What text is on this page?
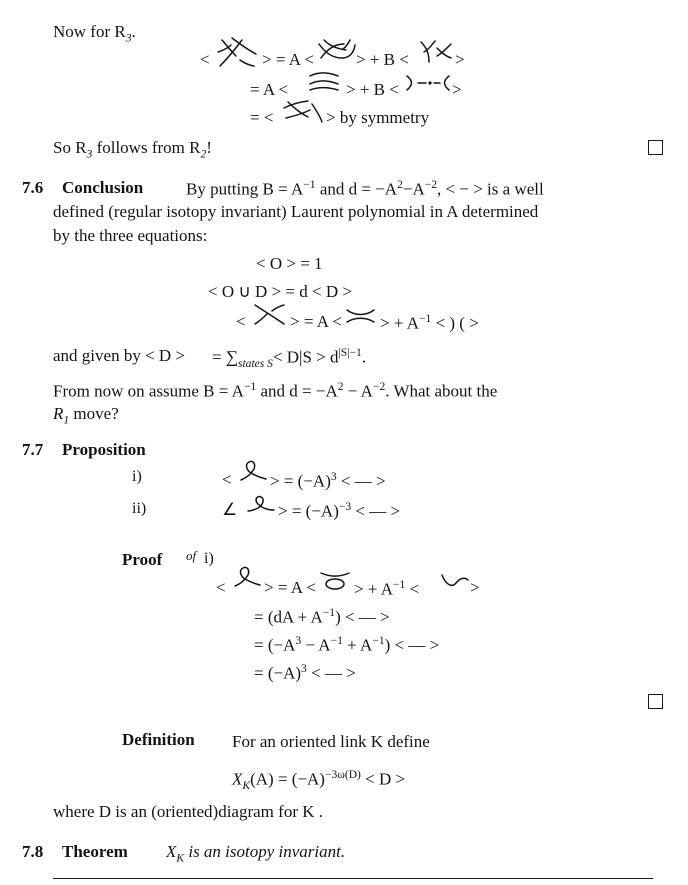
Now for $R_3$.
<	> = A < > + B <	>
= A <	> + B <	>
= <	> by symmetry
So $R_3$ follows from $R_2$!
7.6 Conclusion	By putting $B = A^{-1}$ and $d = -A^2-A^{-2}$, < − > is a well
defined (regular isotopy invariant) Laurent polynomial in A determined
by the three equations:
< O > = 1
< O ∪ D > = d < D >
<	> = A < > + $A^{-1}$ < ) ( >
and given by < D > = $\sum_{states S}< D|S > d^{|S|-1}$.
From now on assume $B = A^{-1}$ and $d = -A^2 - A^{-2}$. What about the
$R_1$ move?
7.7 Proposition
i)	< > = $(-A)^3$ < — >
ii)	∠ > = $(-A)^{-3}$ < — >
Proof of i)
< > = A < > + $A^{-1}$ <	>
= $(dA + A^{-1})$ < — >
= $(-A^3 - A^{-1} + A^{-1})$ < — >
= $(-A)^3$ < — >
Definition For an oriented link K define
$X_K(A) = (-A)^{-3\omega(D)} < D$ >
where D is an (oriented)diagram for K .
7.8 Theorem $X_K$ is an isotopy invariant.
